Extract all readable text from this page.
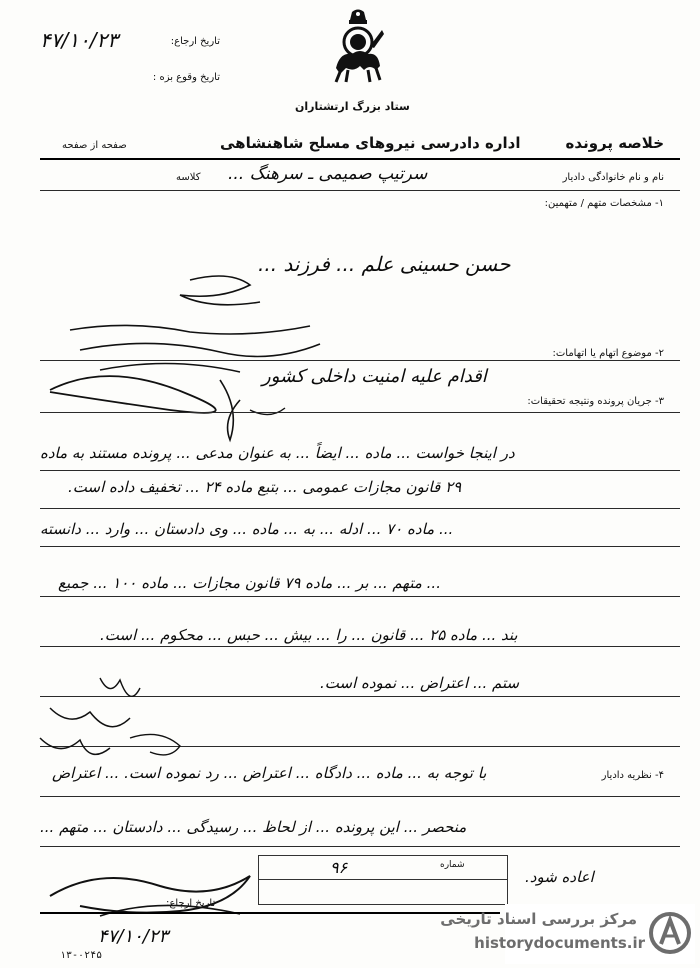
تاریخ ارجاع:
۴۷/۱۰/۲۳
تاریخ وقوع بزه :
ستاد بزرگ ارتشتاران
صفحه از صفحه	اداره دادرسی نیروهای مسلح شاهنشاهی	خلاصه پرونده
نام و نام خانوادگی دادیار
سرتیپ صمیمی ـ سرهنگ ...
کلاسه
۱- مشخصات متهم / متهمین:
حسن حسینی علم ... فرزند ...
۲- موضوع اتهام یا اتهامات:
اقدام علیه امنیت داخلی کشور
۳- جریان پرونده ونتیجه تحقیقات:
در اینجا خواست ... ماده ... ایضاً ... به عنوان مدعی ... پرونده مستند به ماده
۲۹ قانون مجازات عمومی ... بتبع ماده ۲۴ ... تخفیف داده است.
... ماده ۷۰ ... ادله ... به ... ماده ... وی دادستان ... وارد ... دانسته
... متهم ... بر ... ماده ۷۹ قانون مجازات ... ماده ۱۰۰ ... جمیع
بند ... ماده ۲۵ ... قانون ... را ... بیش ... حبس ... محکوم ... است.
ستم ... اعتراض ... نموده است.
۴- نظریه دادیار
با توجه به ... ماده ... دادگاه ... اعتراض ... رد نموده است. ... اعتراض
منحصر ... این پرونده ... از لحاظ ... رسیدگی ... دادستان ... متهم ...
اعاده شود.
شماره
۹۶
تاریخ ارجاع:
۴۷/۱۰/۲۳
۱۳-۰۲۴۵
مرکز بررسی اسناد تاریخی
historydocuments.ir
